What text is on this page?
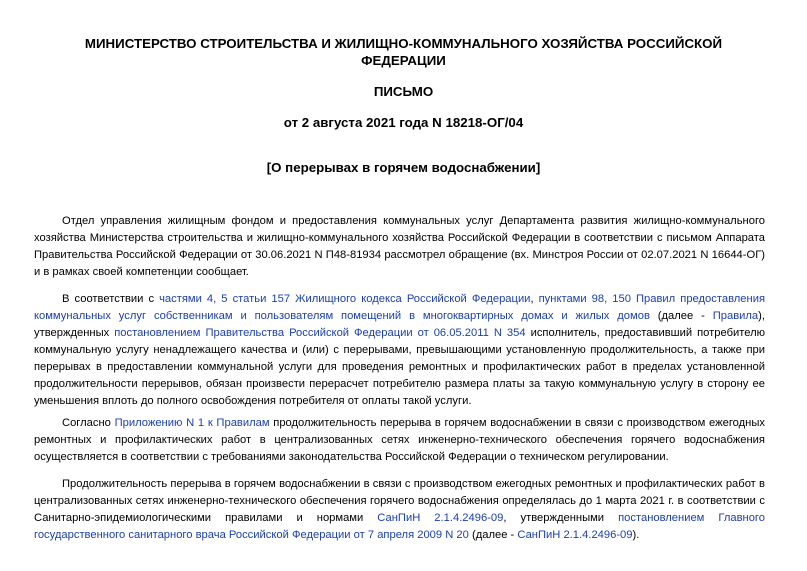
МИНИСТЕРСТВО СТРОИТЕЛЬСТВА И ЖИЛИЩНО-КОММУНАЛЬНОГО ХОЗЯЙСТВА РОССИЙСКОЙ ФЕДЕРАЦИИ
ПИСЬМО
от 2 августа 2021 года N 18218-ОГ/04
[О перерывах в горячем водоснабжении]

Отдел управления жилищным фондом и предоставления коммунальных услуг Департамента развития жилищно-коммунального хозяйства Министерства строительства и жилищно-коммунального хозяйства Российской Федерации в соответствии с письмом Аппарата Правительства Российской Федерации от 30.06.2021 N П48-81934 рассмотрел обращение (вх. Минстроя России от 02.07.2021 N 16644-ОГ) и в рамках своей компетенции сообщает.

В соответствии с частями 4, 5 статьи 157 Жилищного кодекса Российской Федерации, пунктами 98, 150 Правил предоставления коммунальных услуг собственникам и пользователям помещений в многоквартирных домах и жилых домов (далее - Правила), утвержденных постановлением Правительства Российской Федерации от 06.05.2011 N 354 исполнитель, предоставивший потребителю коммунальную услугу ненадлежащего качества и (или) с перерывами, превышающими установленную продолжительность, а также при перерывах в предоставлении коммунальной услуги для проведения ремонтных и профилактических работ в пределах установленной продолжительности перерывов, обязан произвести перерасчет потребителю размера платы за такую коммунальную услугу в сторону ее уменьшения вплоть до полного освобождения потребителя от оплаты такой услуги.

Согласно Приложению N 1 к Правилам продолжительность перерыва в горячем водоснабжении в связи с производством ежегодных ремонтных и профилактических работ в централизованных сетях инженерно-технического обеспечения горячего водоснабжения осуществляется в соответствии с требованиями законодательства Российской Федерации о техническом регулировании.

Продолжительность перерыва в горячем водоснабжении в связи с производством ежегодных ремонтных и профилактических работ в централизованных сетях инженерно-технического обеспечения горячего водоснабжения определялась до 1 марта 2021 г. в соответствии с Санитарно-эпидемиологическими правилами и нормами СанПиН 2.1.4.2496-09, утвержденными постановлением Главного государственного санитарного врача Российской Федерации от 7 апреля 2009 N 20 (далее - СанПиН 2.1.4.2496-09).
